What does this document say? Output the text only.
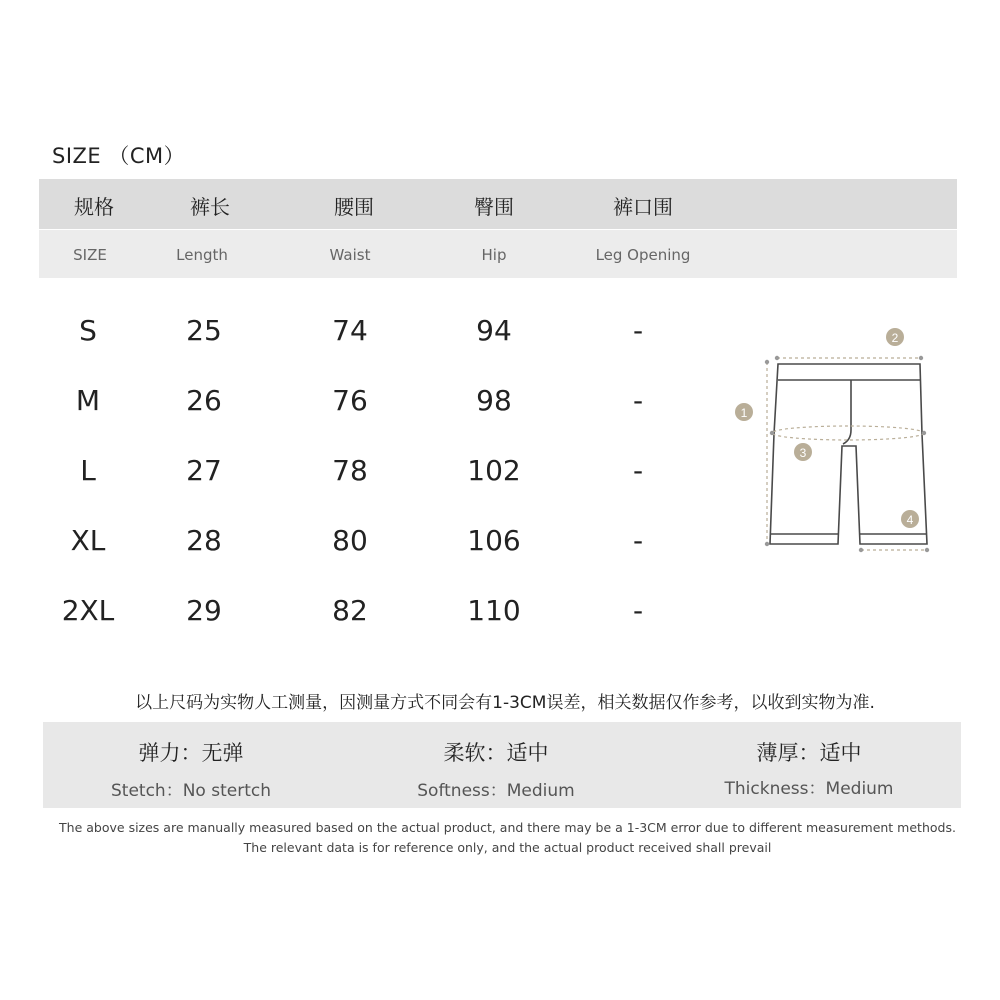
SIZE （CM）
规格	裤长	腰围	臀围	裤口围
SIZE	Length	Waist	Hip	Leg Opening
S	25	74	94	-
M	26	76	98	-
L	27	78	102	-
XL	28	80	106	-
2XL	29	82	110	-
1
2
3
4
以上尺码为实物人工测量，因测量方式不同会有1-3CM误差，相关数据仅作参考，以收到实物为准.
弹力：无弹
Stetch：No stertch
柔软：适中
Softness：Medium
薄厚：适中
Thickness：Medium
The above sizes are manually measured based on the actual product, and there may be a 1-3CM error due to different measurement methods.
The relevant data is for reference only, and the actual product received shall prevail
